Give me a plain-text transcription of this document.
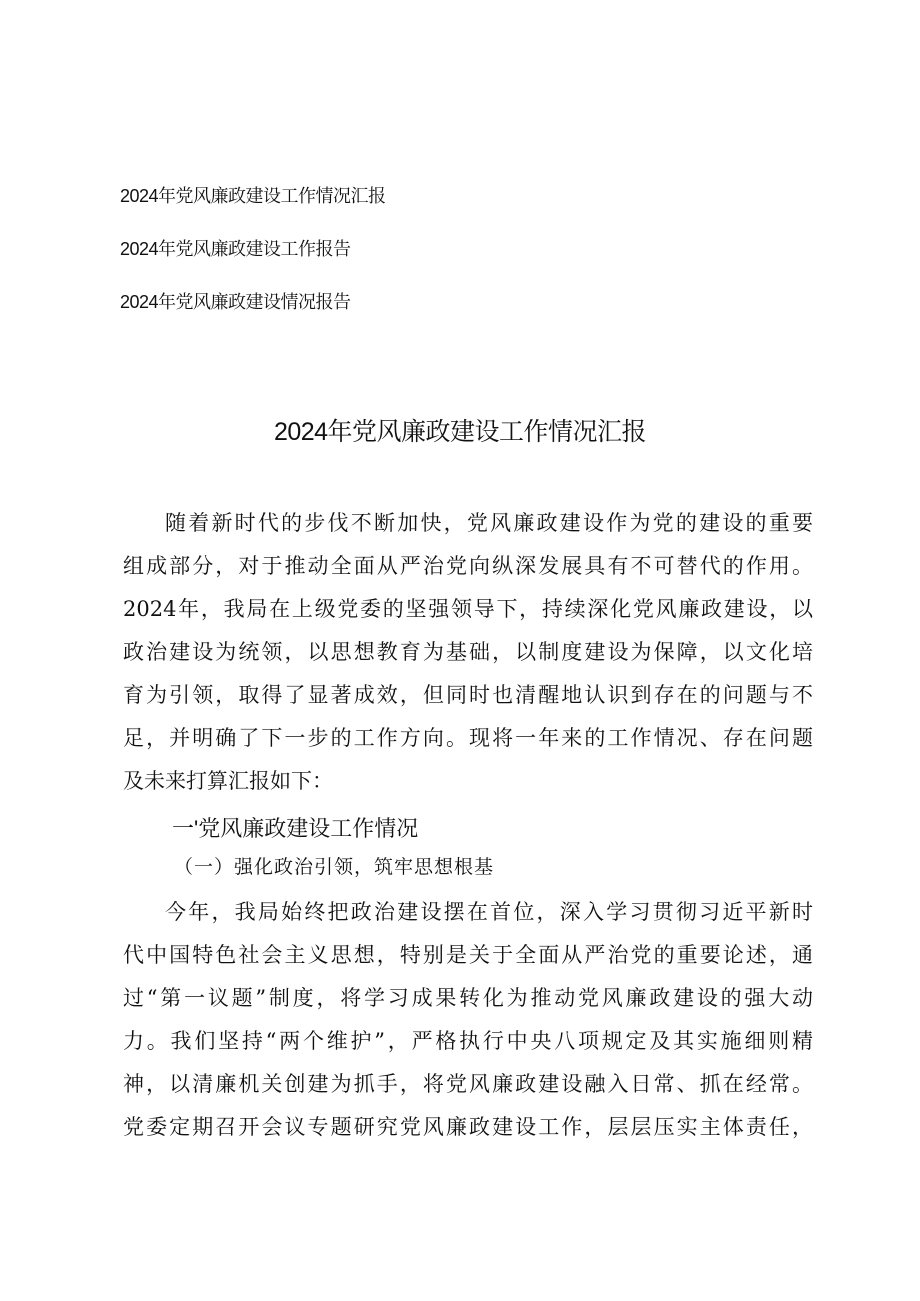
2024年党风廉政建设工作情况汇报
2024年党风廉政建设工作报告
2024年党风廉政建设情况报告
2024年党风廉政建设工作情况汇报
随着新时代的步伐不断加快，党风廉政建设作为党的建设的重要
组成部分，对于推动全面从严治党向纵深发展具有不可替代的作用。
2024年，我局在上级党委的坚强领导下，持续深化党风廉政建设，以
政治建设为统领，以思想教育为基础，以制度建设为保障，以文化培
育为引领，取得了显著成效，但同时也清醒地认识到存在的问题与不
足，并明确了下一步的工作方向。现将一年来的工作情况、存在问题
及未来打算汇报如下：
一'党风廉政建设工作情况
（一）强化政治引领，筑牢思想根基
今年，我局始终把政治建设摆在首位，深入学习贯彻习近平新时
代中国特色社会主义思想，特别是关于全面从严治党的重要论述，通
过“第一议题”制度，将学习成果转化为推动党风廉政建设的强大动
力。我们坚持“两个维护”，严格执行中央八项规定及其实施细则精
神，以清廉机关创建为抓手，将党风廉政建设融入日常、抓在经常。
党委定期召开会议专题研究党风廉政建设工作，层层压实主体责任，
